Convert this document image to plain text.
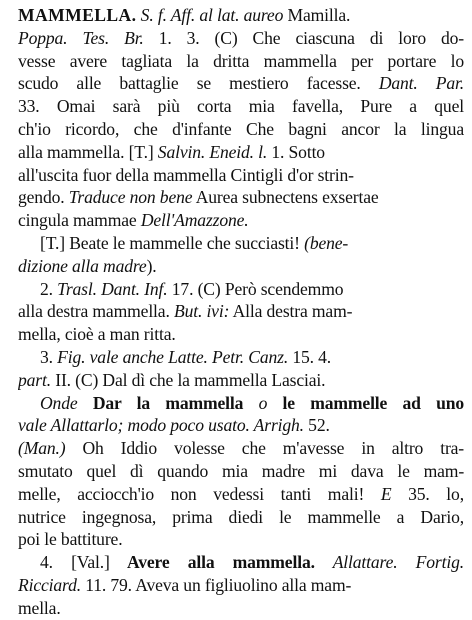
MAMMELLA. S. f. Aff. al lat. aureo Mamilla.
Poppa. Tes. Br. 1. 3. (C) Che ciascuna di loro do-
vesse avere tagliata la dritta mammella per portare lo
scudo alle battaglie se mestiero facesse. Dant. Par.
33. Omai sarà più corta mia favella, Pure a quel
ch'io ricordo, che d'infante Che bagni ancor la lingua
alla mammella. [T.] Salvin. Eneid. l. 1. Sotto
all'uscita fuor della mammella Cintigli d'or strin-
gendo. Traduce non bene Aurea subnectens exsertae
cingula mammae Dell'Amazzone.
[T.] Beate le mammelle che succiasti! (bene-
dizione alla madre).
2. Trasl. Dant. Inf. 17. (C) Però scendemmo
alla destra mammella. But. ivi: Alla destra mam-
mella, cioè a man ritta.
3. Fig. vale anche Latte. Petr. Canz. 15. 4.
part. II. (C) Dal dì che la mammella Lasciai.
Onde Dar la mammella o le mammelle ad uno
vale Allattarlo; modo poco usato. Arrigh. 52.
(Man.) Oh Iddio volesse che m'avesse in altro tra-
smutato quel dì quando mia madre mi dava le mam-
melle, acciocch'io non vedessi tanti mali! E 35. lo,
nutrice ingegnosa, prima diedi le mammelle a Dario,
poi le battiture.
4. [Val.] Avere alla mammella. Allattare. Fortig.
Ricciard. 11. 79. Aveva un figliuolino alla mam-
mella.
